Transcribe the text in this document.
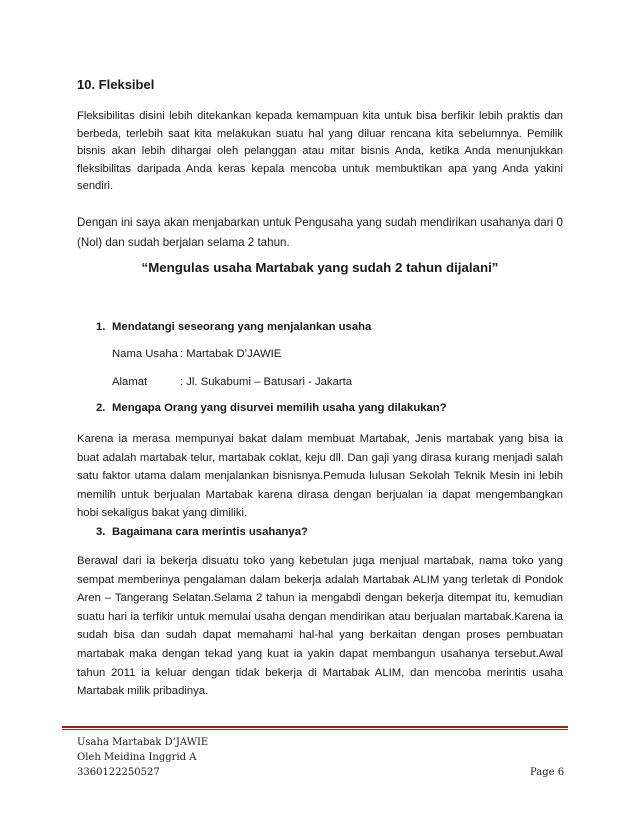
10. Fleksibel
Fleksibilitas disini lebih ditekankan kepada kemampuan kita untuk bisa berfikir lebih praktis dan berbeda, terlebih saat kita melakukan suatu hal yang diluar rencana kita sebelumnya. Pemilik bisnis akan lebih dihargai oleh pelanggan atau mitar bisnis Anda, ketika Anda menunjukkan fleksibilitas daripada Anda keras kepala mencoba untuk membuktikan apa yang Anda yakini sendiri.
Dengan ini saya akan menjabarkan untuk Pengusaha yang sudah mendirikan usahanya dari 0 (Nol) dan sudah berjalan selama 2 tahun.
“Mengulas usaha Martabak yang sudah 2 tahun dijalani”
1. Mendatangi seseorang yang menjalankan usaha
Nama Usaha : Martabak D’JAWIE
Alamat	: Jl. Sukabumi – Batusari - Jakarta
2. Mengapa Orang yang disurvei memilih usaha yang dilakukan?
Karena ia merasa mempunyai bakat dalam membuat Martabak, Jenis martabak yang bisa ia buat adalah martabak telur, martabak coklat, keju dll. Dan gaji yang dirasa kurang menjadi salah satu faktor utama dalam menjalankan bisnisnya.Pemuda lulusan Sekolah Teknik Mesin ini lebih memilih untuk berjualan Martabak karena dirasa dengan berjualan ia dapat mengembangkan hobi sekaligus bakat yang dimiliki.
3. Bagaimana cara merintis usahanya?
Berawal dari ia bekerja disuatu toko yang kebetulan juga menjual martabak, nama toko yang sempat memberinya pengalaman dalam bekerja adalah Martabak ALIM yang terletak di Pondok Aren – Tangerang Selatan.Selama 2 tahun ia mengabdi dengan bekerja ditempat itu, kemudian suatu hari ia terfikir untuk memulai usaha dengan mendirikan atau berjualan martabak.Karena ia sudah bisa dan sudah dapat memahami hal-hal yang berkaitan dengan proses pembuatan martabak maka dengan tekad yang kuat ia yakin dapat membangun usahanya tersebut.Awal tahun 2011 ia keluar dengan tidak bekerja di Martabak ALIM, dan mencoba merintis usaha Martabak milik pribadinya.
Usaha Martabak D’JAWIE
Oleh Meidina Inggrid A
3360122250527	Page 6
